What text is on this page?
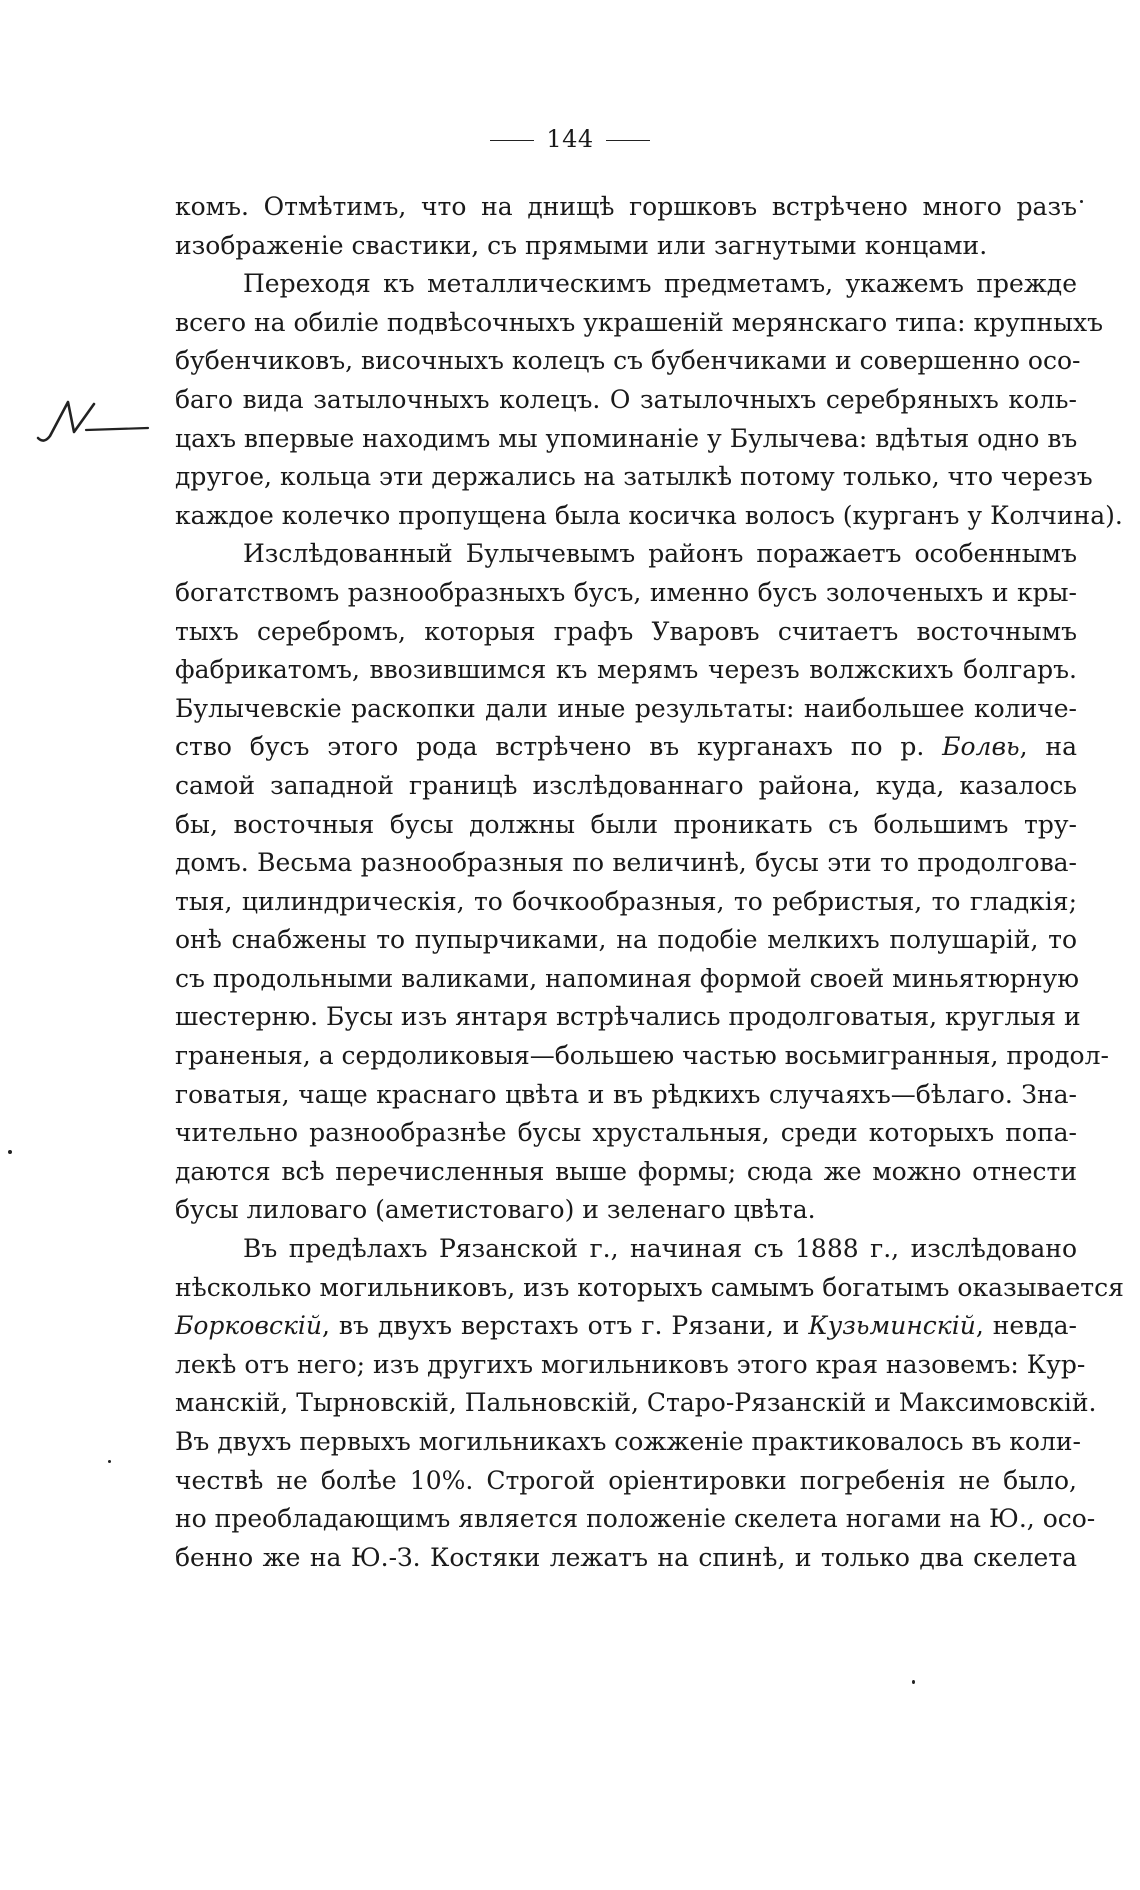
144
комъ. Отмѣтимъ, что на днищѣ горшковъ встрѣчено много разъ
изображеніе свастики, съ прямыми или загнутыми концами.
Переходя къ металлическимъ предметамъ, укажемъ прежде
всего на обиліе подвѣсочныхъ украшеній мерянскаго типа: крупныхъ
бубенчиковъ, височныхъ колецъ съ бубенчиками и совершенно осо-
баго вида затылочныхъ колецъ. О затылочныхъ серебряныхъ коль-
цахъ впервые находимъ мы упоминаніе у Булычева: вдѣтыя одно въ
другое, кольца эти держались на затылкѣ потому только, что черезъ
каждое колечко пропущена была косичка волосъ (курганъ у Колчина).
Изслѣдованный Булычевымъ районъ поражаетъ особеннымъ
богатствомъ разнообразныхъ бусъ, именно бусъ золоченыхъ и кры-
тыхъ серебромъ, которыя графъ Уваровъ считаетъ восточнымъ
фабрикатомъ, ввозившимся къ мерямъ черезъ волжскихъ болгаръ.
Булычевскіе раскопки дали иные результаты: наибольшее количе-
ство бусъ этого рода встрѣчено въ курганахъ по р. Болвь, на
самой западной границѣ изслѣдованнаго района, куда, казалось
бы, восточныя бусы должны были проникать съ большимъ тру-
домъ. Весьма разнообразныя по величинѣ, бусы эти то продолгова-
тыя, цилиндрическія, то бочкообразныя, то ребристыя, то гладкія;
онѣ снабжены то пупырчиками, на подобіе мелкихъ полушарій, то
съ продольными валиками, напоминая формой своей миньятюрную
шестерню. Бусы изъ янтаря встрѣчались продолговатыя, круглыя и
граненыя, а сердоликовыя—большею частью восьмигранныя, продол-
говатыя, чаще краснаго цвѣта и въ рѣдкихъ случаяхъ—бѣлаго. Зна-
чительно разнообразнѣе бусы хрустальныя, среди которыхъ попа-
даются всѣ перечисленныя выше формы; сюда же можно отнести
бусы лиловаго (аметистоваго) и зеленаго цвѣта.
Въ предѣлахъ Рязанской г., начиная съ 1888 г., изслѣдовано
нѣсколько могильниковъ, изъ которыхъ самымъ богатымъ оказывается
Борковскій, въ двухъ верстахъ отъ г. Рязани, и Кузьминскій, невда-
лекѣ отъ него; изъ другихъ могильниковъ этого края назовемъ: Кур-
манскій, Тырновскій, Пальновскій, Старо-Рязанскій и Максимовскій.
Въ двухъ первыхъ могильникахъ сожженіе практиковалось въ коли-
чествѣ не болѣе 10%. Строгой оріентировки погребенія не было,
но преобладающимъ является положеніе скелета ногами на Ю., осо-
бенно же на Ю.-З. Костяки лежатъ на спинѣ, и только два скелета
